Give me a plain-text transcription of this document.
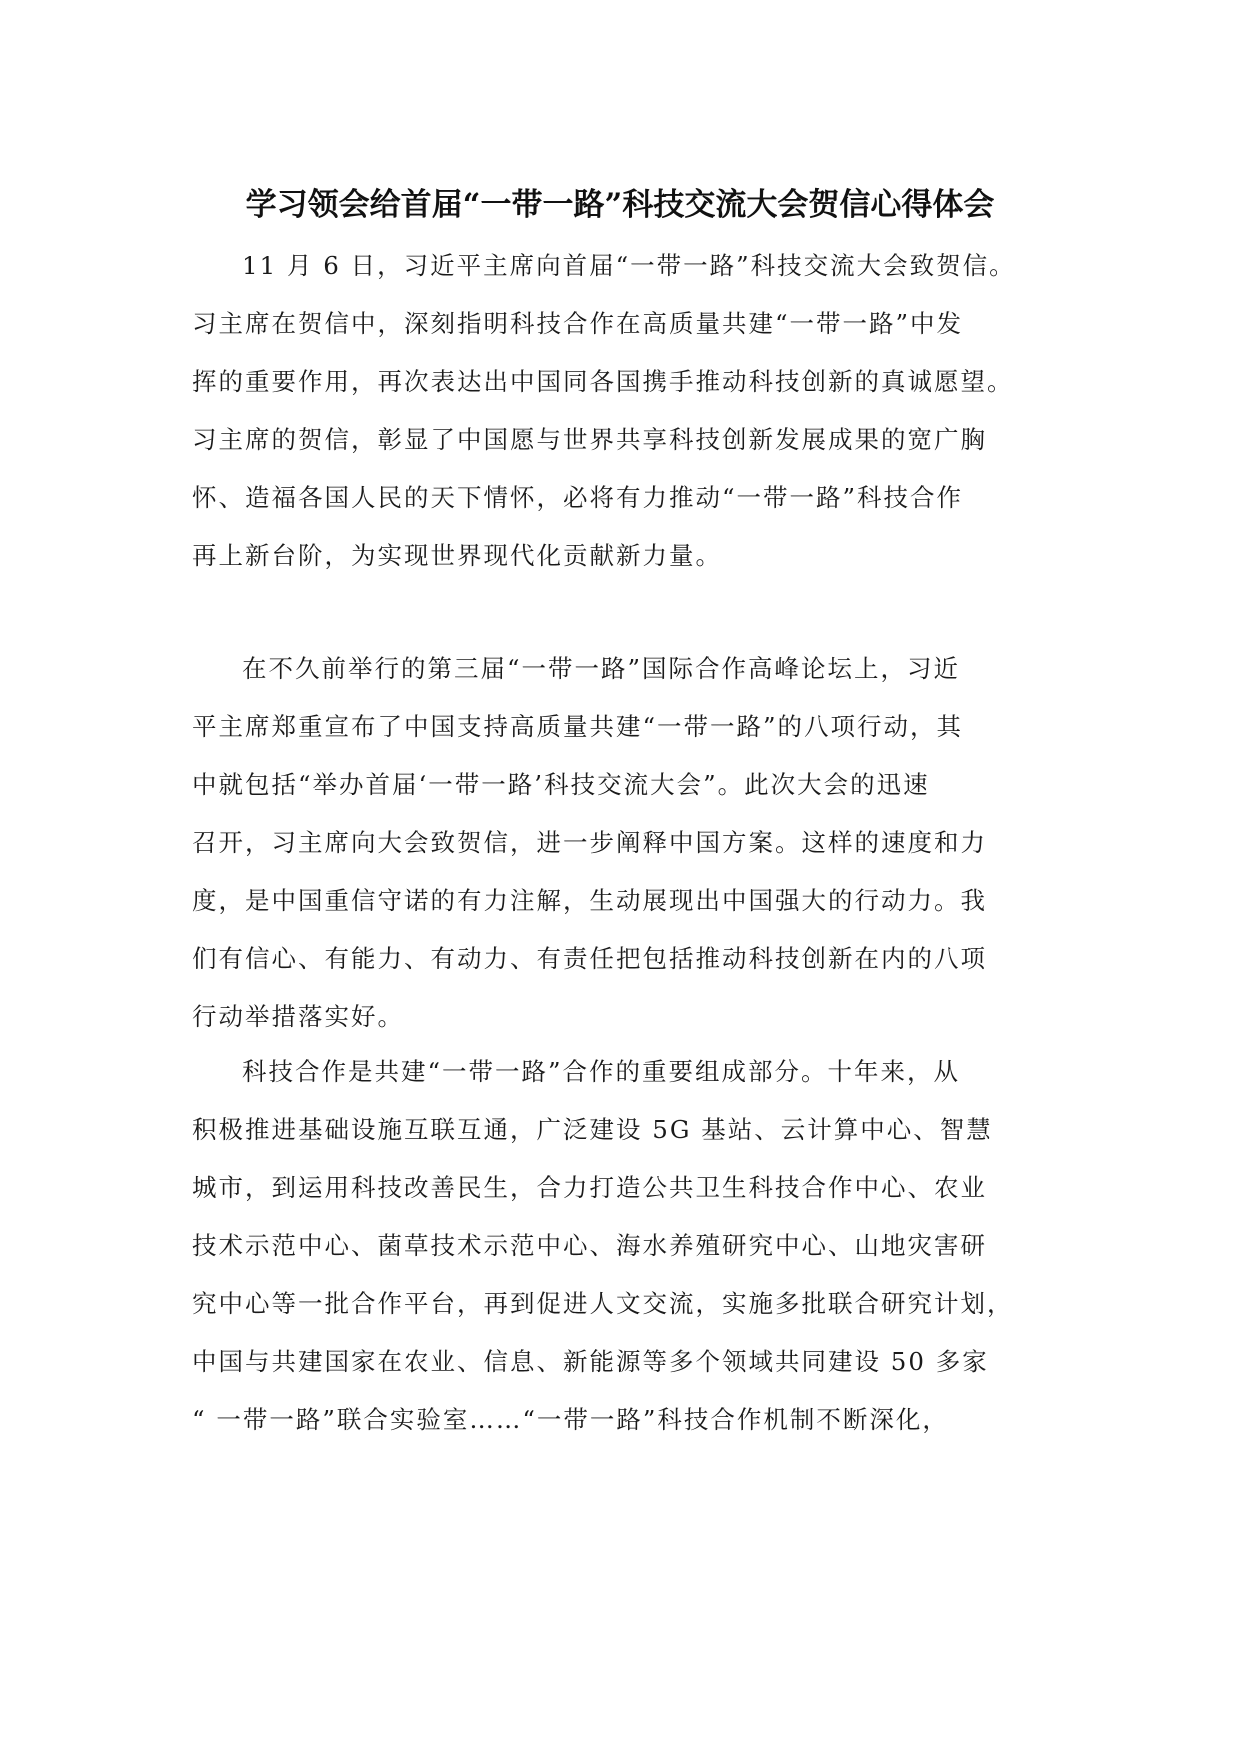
学习领会给首届“一带一路”科技交流大会贺信心得体会
11 月 6 日，习近平主席向首届“一带一路”科技交流大会致贺信。
习主席在贺信中，深刻指明科技合作在高质量共建“一带一路”中发
挥的重要作用，再次表达出中国同各国携手推动科技创新的真诚愿望。
习主席的贺信，彰显了中国愿与世界共享科技创新发展成果的宽广胸
怀、造福各国人民的天下情怀，必将有力推动“一带一路”科技合作
再上新台阶，为实现世界现代化贡献新力量。
在不久前举行的第三届“一带一路”国际合作高峰论坛上，习近
平主席郑重宣布了中国支持高质量共建“一带一路”的八项行动，其
中就包括“举办首届‘一带一路’科技交流大会”。此次大会的迅速
召开，习主席向大会致贺信，进一步阐释中国方案。这样的速度和力
度，是中国重信守诺的有力注解，生动展现出中国强大的行动力。我
们有信心、有能力、有动力、有责任把包括推动科技创新在内的八项
行动举措落实好。
科技合作是共建“一带一路”合作的重要组成部分。十年来，从
积极推进基础设施互联互通，广泛建设 5G 基站、云计算中心、智慧
城市，到运用科技改善民生，合力打造公共卫生科技合作中心、农业
技术示范中心、菌草技术示范中心、海水养殖研究中心、山地灾害研
究中心等一批合作平台，再到促进人文交流，实施多批联合研究计划，
中国与共建国家在农业、信息、新能源等多个领域共同建设 50 多家
“ 一带一路”联合实验室……“一带一路”科技合作机制不断深化，
